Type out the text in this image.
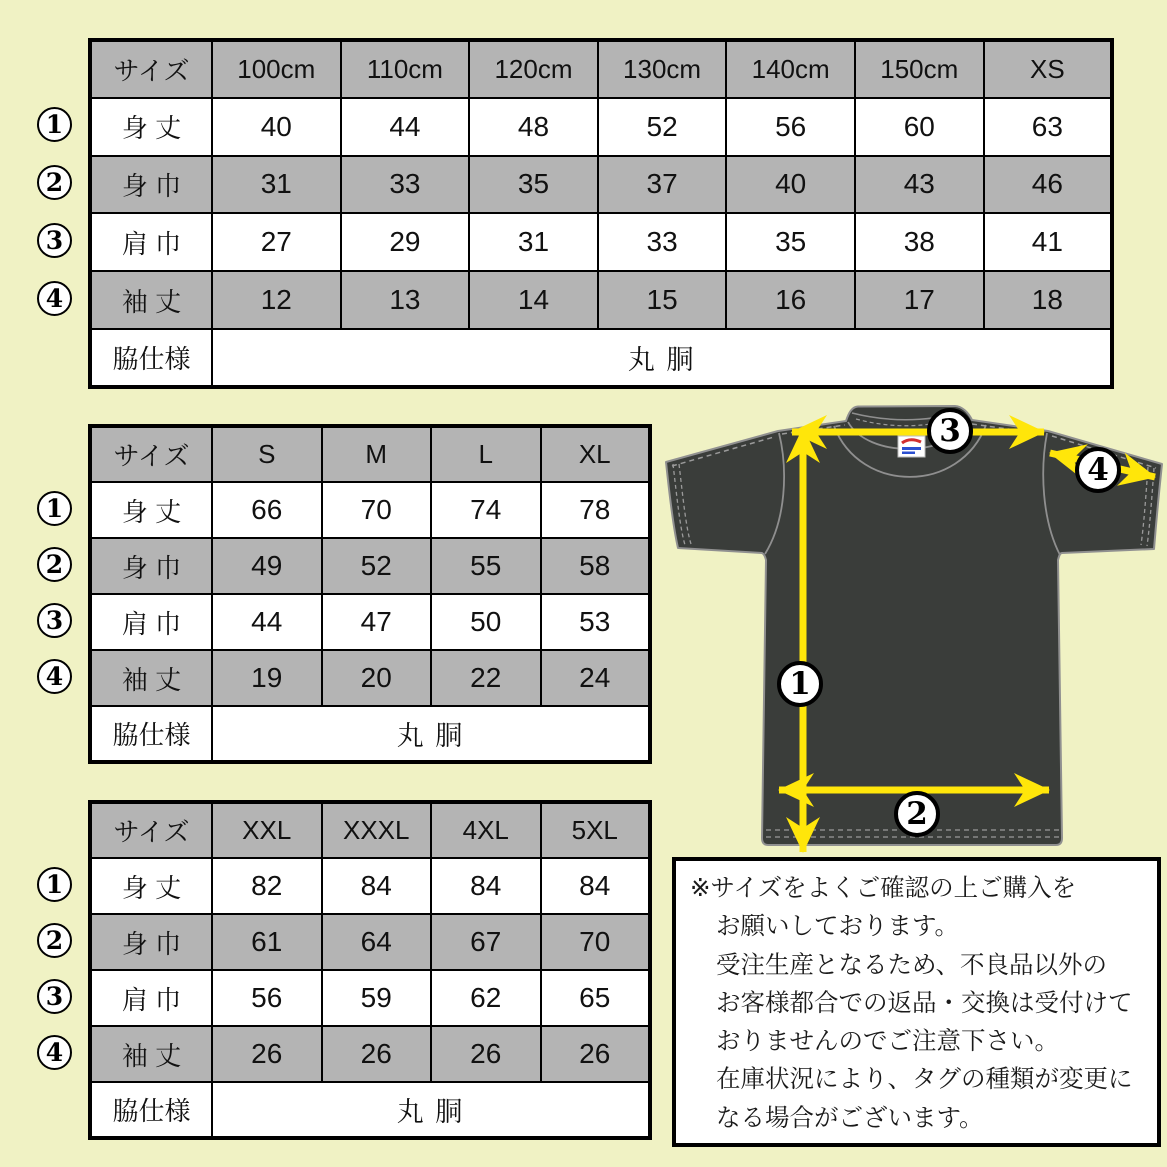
1
2
3
4
サイズ	100cm	110cm	120cm	130cm	140cm	150cm	XS
身 丈	40	44	48	52	56	60	63
身 巾	31	33	35	37	40	43	46
肩 巾	27	29	31	33	35	38	41
袖 丈	12	13	14	15	16	17	18
脇仕様	丸 胴						
1
2
3
4
サイズ	S	M	L	XL
身 丈	66	70	74	78
身 巾	49	52	55	58
肩 巾	44	47	50	53
袖 丈	19	20	22	24
脇仕様	丸 胴			
1
2
3
4
サイズ	XXL	XXXL	4XL	5XL
身 丈	82	84	84	84
身 巾	61	64	67	70
肩 巾	56	59	62	65
袖 丈	26	26	26	26
脇仕様	丸 胴			
1
2
3
4
※サイズをよくご確認の上ご購入を
お願いしております。
受注生産となるため、不良品以外の
お客様都合での返品・交換は受付けて
おりませんのでご注意下さい。
在庫状況により、タグの種類が変更に
なる場合がございます。
